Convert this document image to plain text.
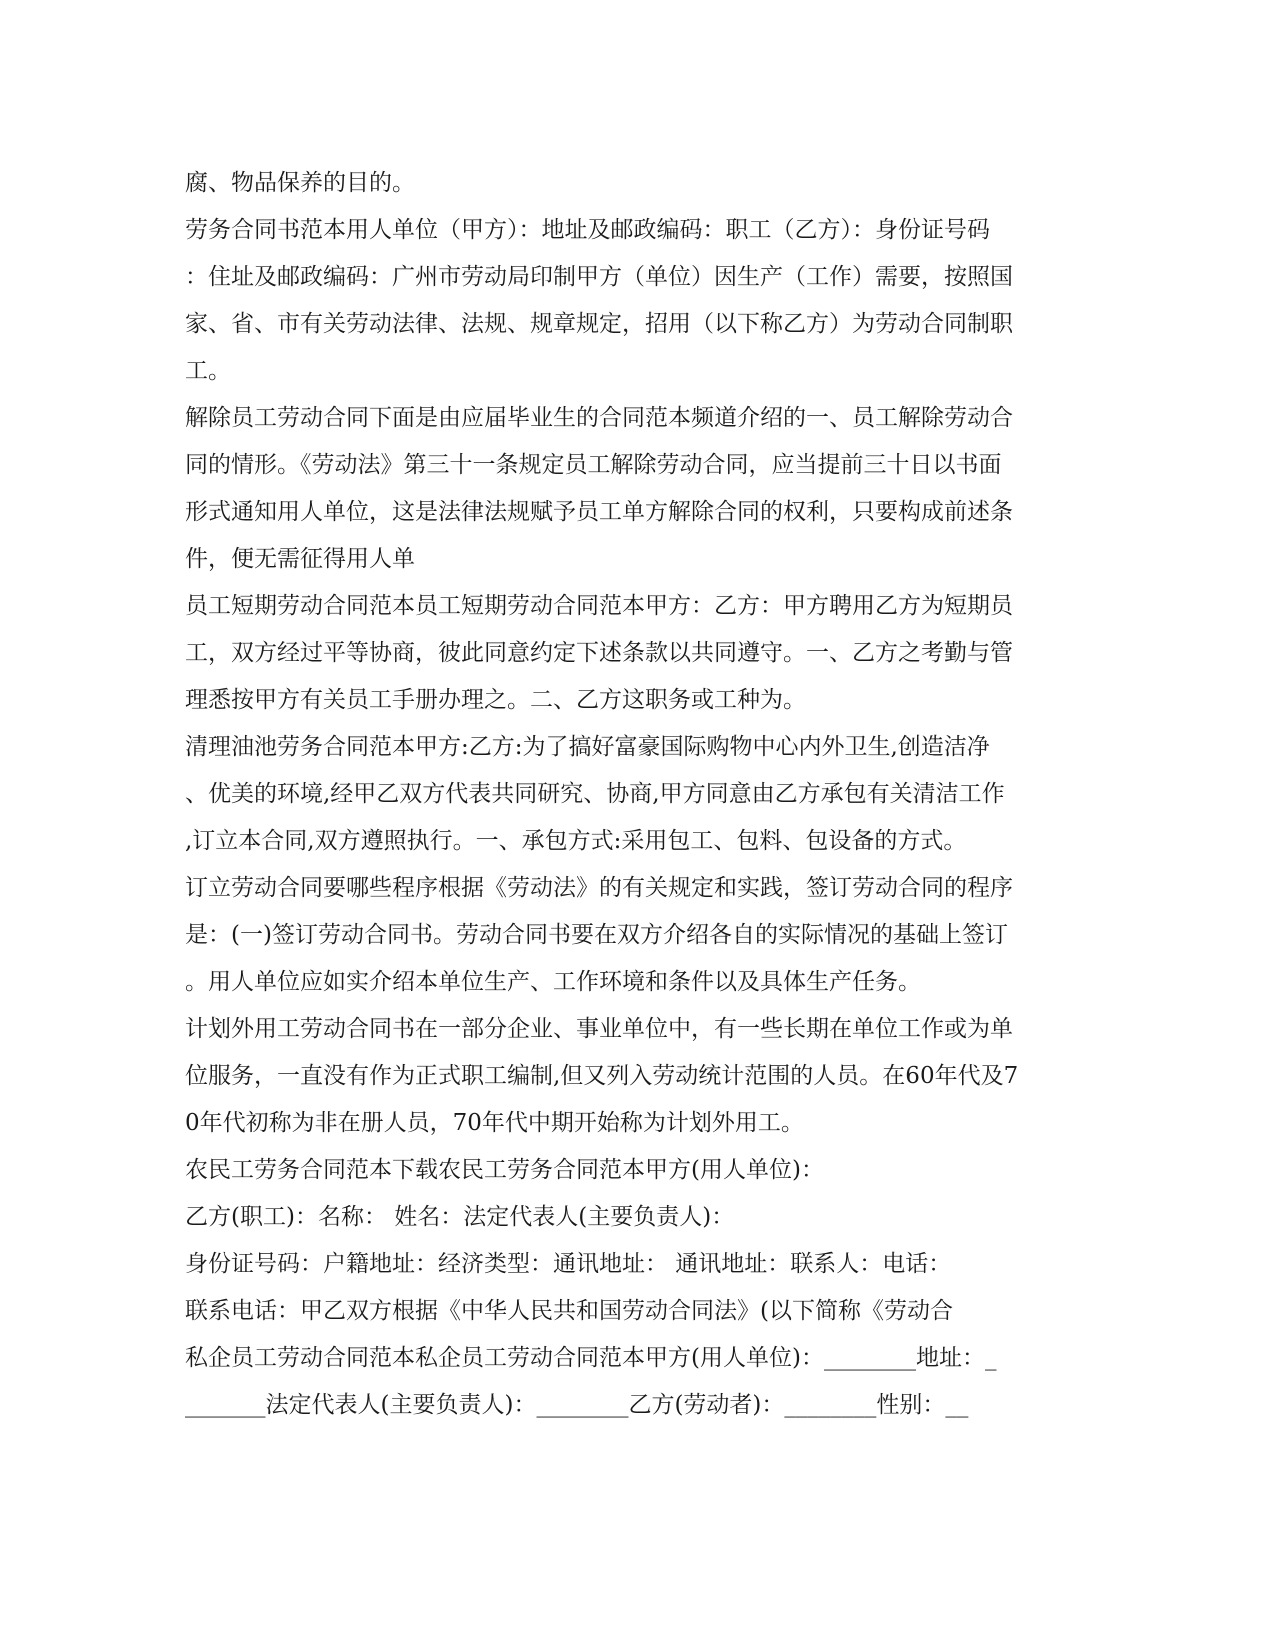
腐、物品保养的目的。
劳务合同书范本用人单位（甲方）：地址及邮政编码：职工（乙方）：身份证号码
：住址及邮政编码：广州市劳动局印制甲方（单位）因生产（工作）需要，按照国
家、省、市有关劳动法律、法规、规章规定，招用（以下称乙方）为劳动合同制职
工。
解除员工劳动合同下面是由应届毕业生的合同范本频道介绍的一、员工解除劳动合
同的情形。《劳动法》第三十一条规定员工解除劳动合同，应当提前三十日以书面
形式通知用人单位，这是法律法规赋予员工单方解除合同的权利，只要构成前述条
件，便无需征得用人单
员工短期劳动合同范本员工短期劳动合同范本甲方：乙方：甲方聘用乙方为短期员
工，双方经过平等协商，彼此同意约定下述条款以共同遵守。一、乙方之考勤与管
理悉按甲方有关员工手册办理之。二、乙方这职务或工种为。
清理油池劳务合同范本甲方:乙方:为了搞好富豪国际购物中心内外卫生,创造洁净
、优美的环境,经甲乙双方代表共同研究、协商,甲方同意由乙方承包有关清洁工作
,订立本合同,双方遵照执行。一、承包方式:采用包工、包料、包设备的方式。
订立劳动合同要哪些程序根据《劳动法》的有关规定和实践，签订劳动合同的程序
是：(一)签订劳动合同书。劳动合同书要在双方介绍各自的实际情况的基础上签订
。用人单位应如实介绍本单位生产、工作环境和条件以及具体生产任务。
计划外用工劳动合同书在一部分企业、事业单位中，有一些长期在单位工作或为单
位服务，一直没有作为正式职工编制,但又列入劳动统计范围的人员。在60年代及7
0年代初称为非在册人员，70年代中期开始称为计划外用工。
农民工劳务合同范本下载农民工劳务合同范本甲方(用人单位)：
乙方(职工)：名称： 姓名：法定代表人(主要负责人)：
身份证号码：户籍地址：经济类型：通讯地址： 通讯地址：联系人：电话：
联系电话：甲乙双方根据《中华人民共和国劳动合同法》(以下简称《劳动合
私企员工劳动合同范本私企员工劳动合同范本甲方(用人单位)：________地址：_
_______法定代表人(主要负责人)：________乙方(劳动者)：________性别：__
